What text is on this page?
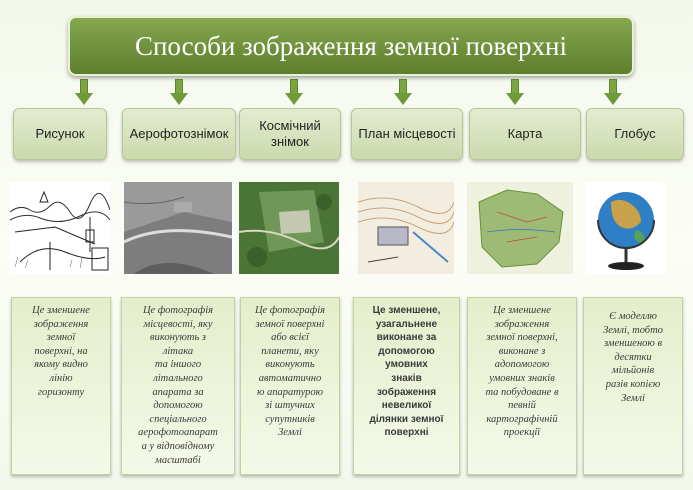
Способи зображення земної поверхні
Рисунок	Аерофотознімок
Космічний
знімок
План місцевості	Карта	Глобус
Це зменшене
зображення
земної
поверхні, на
якому видно
лінію
горизонту
Це фотографія
місцевості, яку
виконують з
літака
та іншого
літального
апарата за
допомогою
спеціального
аерофотоапарат
а у відповідному
масштабі
Це фотографія
земної поверхні
або всієї
планети, яку
виконують
автоматично
ю апаратурою
зі штучних
супутників
Землі
Це зменшене,
узагальнене
виконане за
допомогою
умовних
знаків
зображення
невеликої
ділянки земної
поверхні
Це зменшене
зображення
земної поверхні,
виконане з
адопомогою
умовних знаків
та побудоване в
певній
картографічній
проекції
Є моделлю
Землі, тобто
зменшеною в
десятки
мільйонів
разів копією
Землі
